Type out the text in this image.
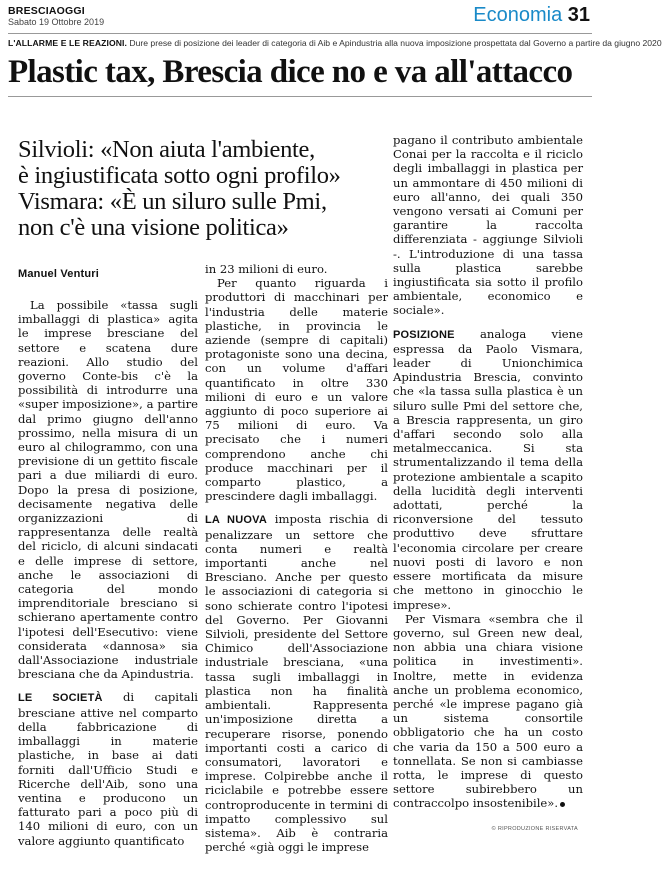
BRESCIAOGGI
Sabato 19 Ottobre 2019	Economia 31
L'ALLARME E LE REAZIONI. Dure prese di posizione dei leader di categoria di Aib e Apindustria alla nuova imposizione prospettata dal Governo a partire da giugno 2020
Plastic tax, Brescia dice no e va all'attacco
Silvioli: «Non aiuta l'ambiente,
è ingiustificata sotto ogni profilo»
Vismara: «È un siluro sulle Pmi,
non c'è una visione politica»
Manuel Venturi

La possibile «tassa sugli imballaggi di plastica» agita le imprese bresciane del settore e scatena dure reazioni. Allo studio del governo Conte-bis c'è la possibilità di introdurre una «super imposizione», a partire dal primo giugno dell'anno prossimo, nella misura di un euro al chilogrammo, con una previsione di un gettito fiscale pari a due miliardi di euro. Dopo la presa di posizione, decisamente negativa delle organizzazioni di rappresentanza delle realtà del riciclo, di alcuni sindacati e delle imprese di settore, anche le associazioni di categoria del mondo imprenditoriale bresciano si schierano apertamente contro l'ipotesi dell'Esecutivo: viene considerata «dannosa» sia dall'Associazione industriale bresciana che da Apindustria.

LE SOCIETÀ di capitali bresciane attive nel comparto della fabbricazione di imballaggi in materie plastiche, in base ai dati forniti dall'Ufficio Studi e Ricerche dell'Aib, sono una ventina e producono un fatturato pari a poco più di 140 milioni di euro, con un valore aggiunto quantificato

in 23 milioni di euro.

Per quanto riguarda i produttori di macchinari per l'industria delle materie plastiche, in provincia le aziende (sempre di capitali) protagoniste sono una decina, con un volume d'affari quantificato in oltre 330 milioni di euro e un valore aggiunto di poco superiore ai 75 milioni di euro. Va precisato che i numeri comprendono anche chi produce macchinari per il comparto plastico, a prescindere dagli imballaggi.

LA NUOVA imposta rischia di penalizzare un settore che conta numeri e realtà importanti anche nel Bresciano. Anche per questo le associazioni di categoria si sono schierate contro l'ipotesi del Governo. Per Giovanni Silvioli, presidente del Settore Chimico dell'Associazione industriale bresciana, «una tassa sugli imballaggi in plastica non ha finalità ambientali. Rappresenta un'imposizione diretta a recuperare risorse, ponendo importanti costi a carico di consumatori, lavoratori e imprese. Colpirebbe anche il riciclabile e potrebbe essere controproducente in termini di impatto complessivo sul sistema». Aib è contraria perché «già oggi le imprese

pagano il contributo ambientale Conai per la raccolta e il riciclo degli imballaggi in plastica per un ammontare di 450 milioni di euro all'anno, dei quali 350 vengono versati ai Comuni per garantire la raccolta differenziata - aggiunge Silvioli -. L'introduzione di una tassa sulla plastica sarebbe ingiustificata sia sotto il profilo ambientale, economico e sociale».

POSIZIONE analoga viene espressa da Paolo Vismara, leader di Unionchimica Apindustria Brescia, convinto che «la tassa sulla plastica è un siluro sulle Pmi del settore che, a Brescia rappresenta, un giro d'affari secondo solo alla metalmeccanica. Si sta strumentalizzando il tema della protezione ambientale a scapito della lucidità degli interventi adottati, perché la riconversione del tessuto produttivo deve sfruttare l'economia circolare per creare nuovi posti di lavoro e non essere mortificata da misure che mettono in ginocchio le imprese».

Per Vismara «sembra che il governo, sul Green new deal, non abbia una chiara visione politica in investimenti». Inoltre, mette in evidenza anche un problema economico, perché «le imprese pagano già un sistema consortile obbligatorio che ha un costo che varia da 150 a 500 euro a tonnellata. Se non si cambiasse rotta, le imprese di questo settore subirebbero un contraccolpo insostenibile».

© RIPRODUZIONE RISERVATA
